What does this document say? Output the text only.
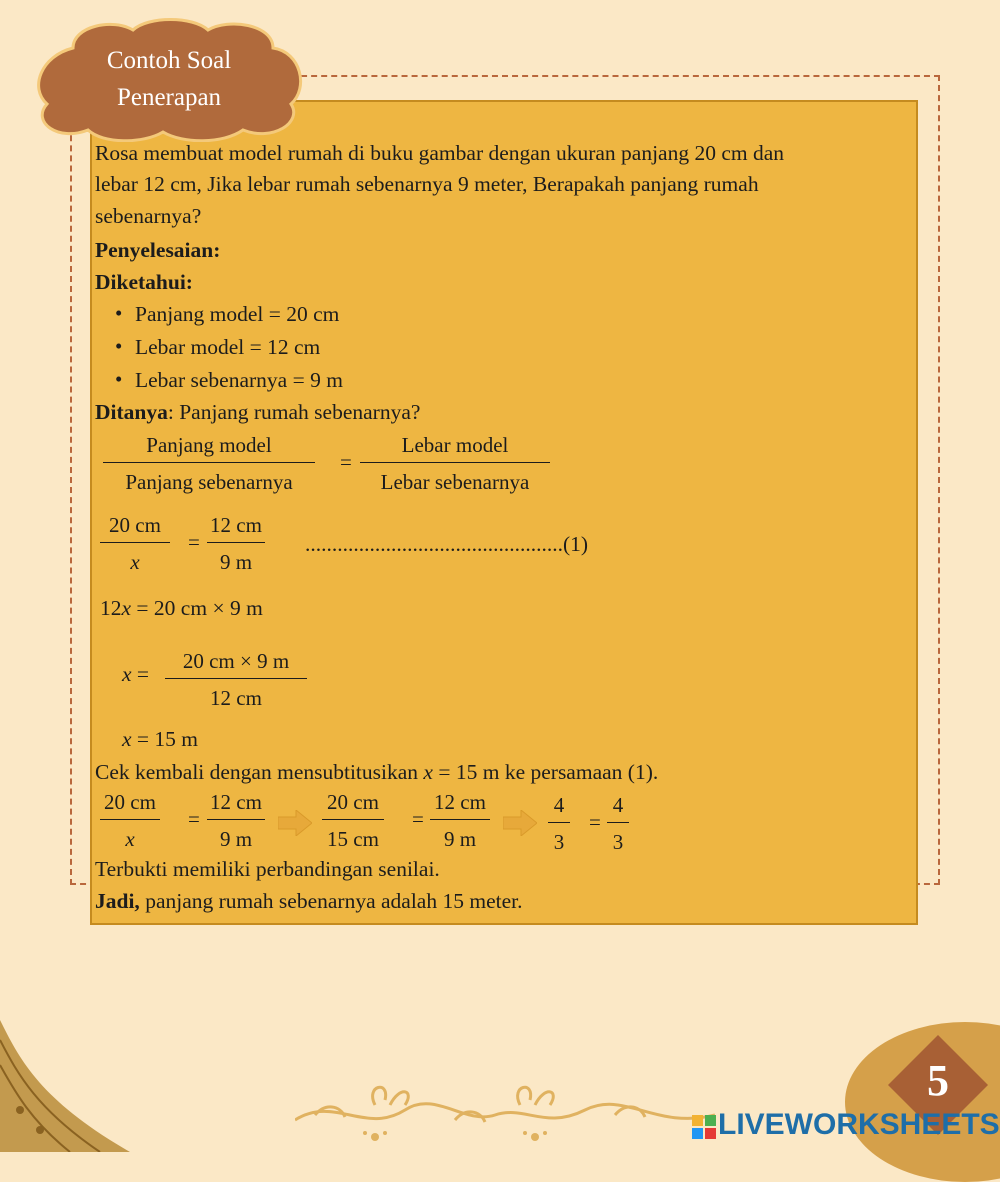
Contoh Soal
Penerapan
Rosa membuat model rumah di buku gambar dengan ukuran panjang 20 cm dan
lebar 12 cm, Jika lebar rumah sebenarnya 9 meter, Berapakah panjang rumah
sebenarnya?
Penyelesaian:
Diketahui:
• Panjang model = 20 cm
• Lebar model = 12 cm
• Lebar sebenarnya = 9 m
Ditanya: Panjang rumah sebenarnya?
Panjang model
Panjang sebenarnya
=
Lebar model
Lebar sebenarnya
20 cm
x
=
12 cm
9 m
................................................(1)
12x = 20 cm × 9 m
x =
20 cm × 9 m
12 cm
x = 15 m
Cek kembali dengan mensubtitusikan x = 15 m ke persamaan (1).
20 cm
x
=
12 cm
9 m
20 cm
15 cm
=
12 cm
9 m
4
3
=
4
3
Terbukti memiliki perbandingan senilai.
Jadi, panjang rumah sebenarnya adalah 15 meter.
5
LIVEWORKSHEETS
